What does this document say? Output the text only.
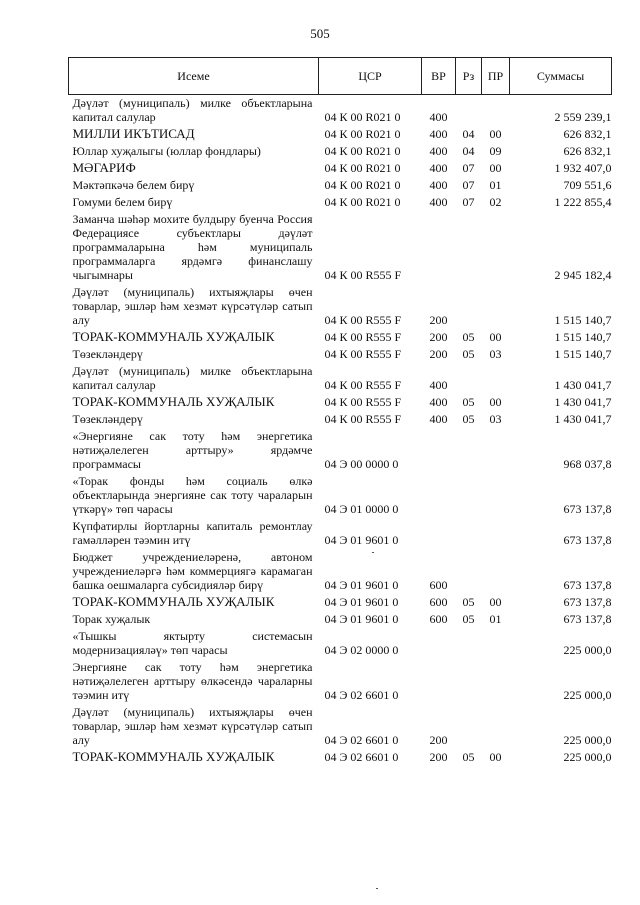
505
Исеме	ЦСР	ВР	Рз	ПР	Суммасы
Дәүләт (муниципаль) милке объектларына капитал салулар	04 К 00 R021 0	400			2 559 239,1
МИЛЛИ ИКЪТИСАД	04 К 00 R021 0	400	04	00	626 832,1
Юллар хуҗалыгы (юллар фондлары)	04 К 00 R021 0	400	04	09	626 832,1
МӘГАРИФ	04 К 00 R021 0	400	07	00	1 932 407,0
Мәктәпкәчә белем бирү	04 К 00 R021 0	400	07	01	709 551,6
Гомуми белем бирү	04 К 00 R021 0	400	07	02	1 222 855,4
Заманча шәһәр мохите булдыру буенча Россия Федерациясе субъектлары дәүләт программаларына һәм муниципаль программаларга ярдәмгә финанслашу чыгымнары	04 К 00 R555 F				2 945 182,4
Дәүләт (муниципаль) ихтыяҗлары өчен товарлар, эшләр һәм хезмәт күрсәтүләр сатып алу	04 К 00 R555 F	200			1 515 140,7
ТОРАК-КОММУНАЛЬ ХУҖАЛЫК	04 К 00 R555 F	200	05	00	1 515 140,7
Төзекләндерү	04 К 00 R555 F	200	05	03	1 515 140,7
Дәүләт (муниципаль) милке объектларына капитал салулар	04 К 00 R555 F	400			1 430 041,7
ТОРАК-КОММУНАЛЬ ХУҖАЛЫК	04 К 00 R555 F	400	05	00	1 430 041,7
Төзекләндерү	04 К 00 R555 F	400	05	03	1 430 041,7
«Энергияне сак тоту һәм энергетика нәтиҗәлелеген арттыру» ярдәмче программасы	04 Э 00 0000 0				968 037,8
«Торак фонды һәм социаль өлкә объектларында энергияне сак тоту чараларын үткәрү» төп чарасы	04 Э 01 0000 0				673 137,8
Күпфатирлы йортларны капиталь ремонтлау гамәлләрен тәэмин итү	04 Э 01 9601 0				673 137,8
Бюджет учреждениеләренә, автоном учреждениеләргә һәм коммерциягә карамаган башка оешмаларга субсидияләр бирү	04 Э 01 9601 0	600			673 137,8
ТОРАК-КОММУНАЛЬ ХУҖАЛЫК	04 Э 01 9601 0	600	05	00	673 137,8
Торак хуҗалык	04 Э 01 9601 0	600	05	01	673 137,8
«Тышкы яктырту системасын модернизацияләү» төп чарасы	04 Э 02 0000 0				225 000,0
Энергияне сак тоту һәм энергетика нәтиҗәлелеген арттыру өлкәсендә чараларны тәэмин итү	04 Э 02 6601 0				225 000,0
Дәүләт (муниципаль) ихтыяҗлары өчен товарлар, эшләр һәм хезмәт күрсәтүләр сатып алу	04 Э 02 6601 0	200			225 000,0
ТОРАК-КОММУНАЛЬ ХУҖАЛЫК	04 Э 02 6601 0	200	05	00	225 000,0
